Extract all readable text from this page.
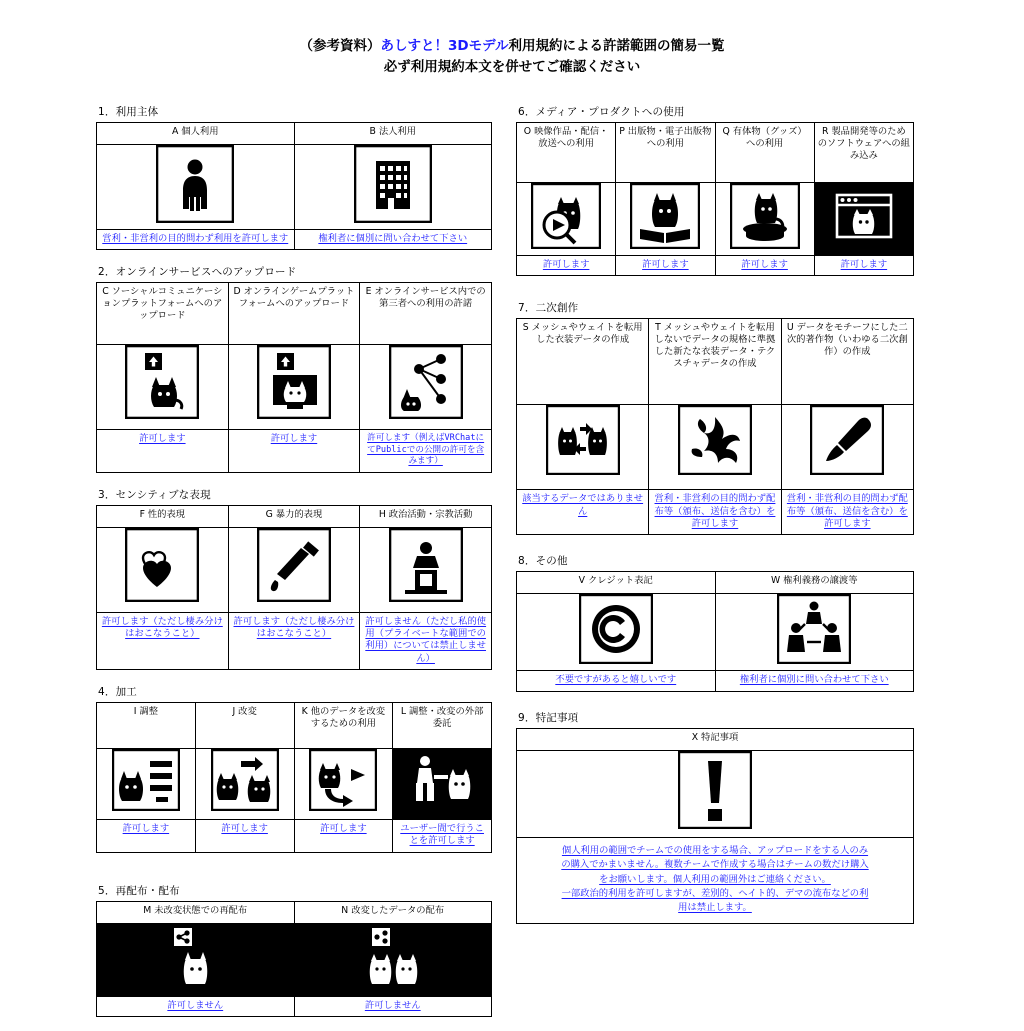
（参考資料）あしすと！3Dモデル利用規約による許諾範囲の簡易一覧
必ず利用規約本文を併せてご確認ください
1．利用主体
A 個人利用	B 法人利用

営利・非営利の目的問わず利用を許可します	権利者に個別に問い合わせて下さい
2．オンラインサービスへのアップロード
C ソーシャルコミュニケーションプラットフォームへのアップロード	D オンラインゲームプラットフォームへのアップロード	E オンラインサービス内での第三者への利用の許諾

許可します	許可します	許可します（例えばVRChatにてPublicでの公開の許可を含みます）
3．センシティブな表現
F 性的表現	G 暴力的表現	H 政治活動・宗教活動

許可します（ただし棲み分けはおこなうこと）	許可します（ただし棲み分けはおこなうこと）	許可しません（ただし私的使用（プライベートな範囲での利用）については禁止しません）
4．加工
I 調整	J 改変	K 他のデータを改変するための利用	L 調整・改変の外部委託

許可します	許可します	許可します	ユーザー間で行うことを許可します
5．再配布・配布
M 未改変状態での再配布	N 改変したデータの配布

許可しません	許可しません
6．メディア・プロダクトへの使用
O 映像作品・配信・放送への利用	P 出版物・電子出版物への利用	Q 有体物（グッズ）への利用	R 製品開発等のためのソフトウェアへの組み込み

許可します	許可します	許可します	許可します
7．二次創作
S メッシュやウェイトを転用した衣装データの作成	T メッシュやウェイトを転用しないでデータの規格に準拠した新たな衣装データ・テクスチャデータの作成	U データをモチーフにした二次的著作物（いわゆる二次創作）の作成

該当するデータではありません	営利・非営利の目的問わず配布等（頒布、送信を含む）を許可します	営利・非営利の目的問わず配布等（頒布、送信を含む）を許可します
8．その他
V クレジット表記	W 権利義務の譲渡等

不要ですがあると嬉しいです	権利者に個別に問い合わせて下さい
9．特記事項
X 特記事項

個人利用の範囲でチームでの使用をする場合、アップロードをする人のみ
の購入でかまいません。複数チームで作成する場合はチームの数だけ購入
をお願いします。個人利用の範囲外はご連絡ください。
一部政治的利用を許可しますが、差別的、ヘイト的、デマの流布などの利
用は禁止します。
